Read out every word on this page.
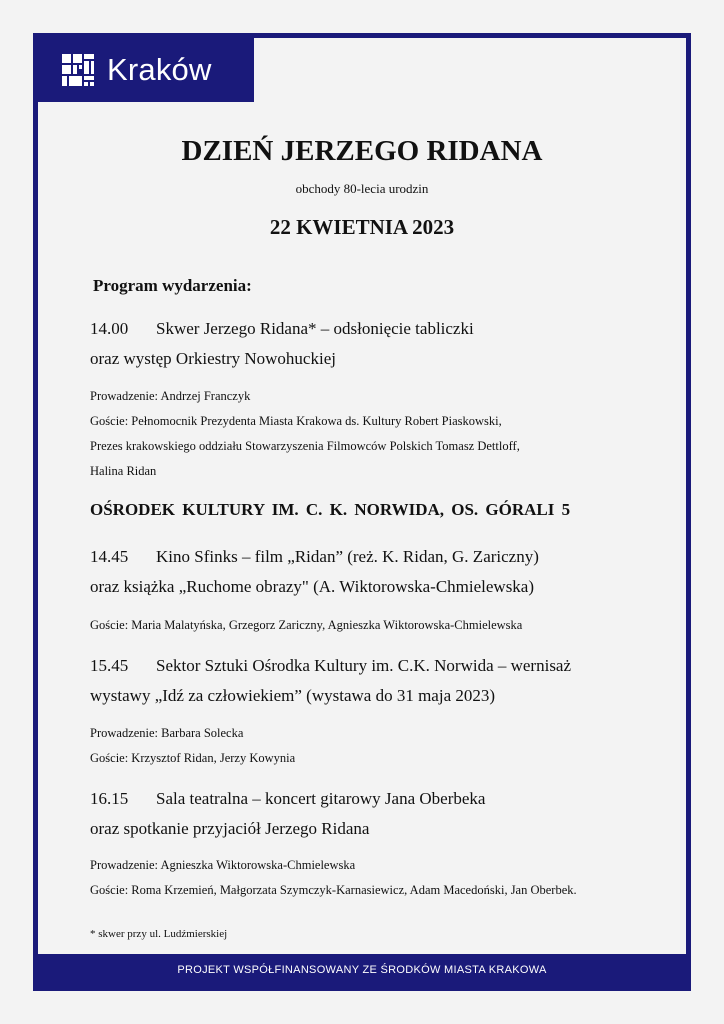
Kraków
DZIEŃ JERZEGO RIDANA
obchody 80-lecia urodzin
22 KWIETNIA 2023
Program wydarzenia:
14.00 Skwer Jerzego Ridana* – odsłonięcie tabliczki
oraz występ Orkiestry Nowohuckiej
Prowadzenie: Andrzej Franczyk
Goście: Pełnomocnik Prezydenta Miasta Krakowa ds. Kultury Robert Piaskowski,
Prezes krakowskiego oddziału Stowarzyszenia Filmowców Polskich Tomasz Dettloff,
Halina Ridan
OŚRODEK KULTURY IM. C. K. NORWIDA, OS. GÓRALI 5
14.45 Kino Sfinks – film „Ridan” (reż. K. Ridan, G. Zariczny)
oraz książka „Ruchome obrazy" (A. Wiktorowska-Chmielewska)
Goście: Maria Malatyńska, Grzegorz Zariczny, Agnieszka Wiktorowska-Chmielewska
15.45 Sektor Sztuki Ośrodka Kultury im. C.K. Norwida – wernisaż
wystawy „Idź za człowiekiem” (wystawa do 31 maja 2023)
Prowadzenie: Barbara Solecka
Goście: Krzysztof Ridan, Jerzy Kowynia
16.15 Sala teatralna – koncert gitarowy Jana Oberbeka
oraz spotkanie przyjaciół Jerzego Ridana
Prowadzenie: Agnieszka Wiktorowska-Chmielewska
Goście: Roma Krzemień, Małgorzata Szymczyk-Karnasiewicz, Adam Macedoński, Jan Oberbek.
* skwer przy ul. Ludźmierskiej
PROJEKT WSPÓŁFINANSOWANY ZE ŚRODKÓW MIASTA KRAKOWA
